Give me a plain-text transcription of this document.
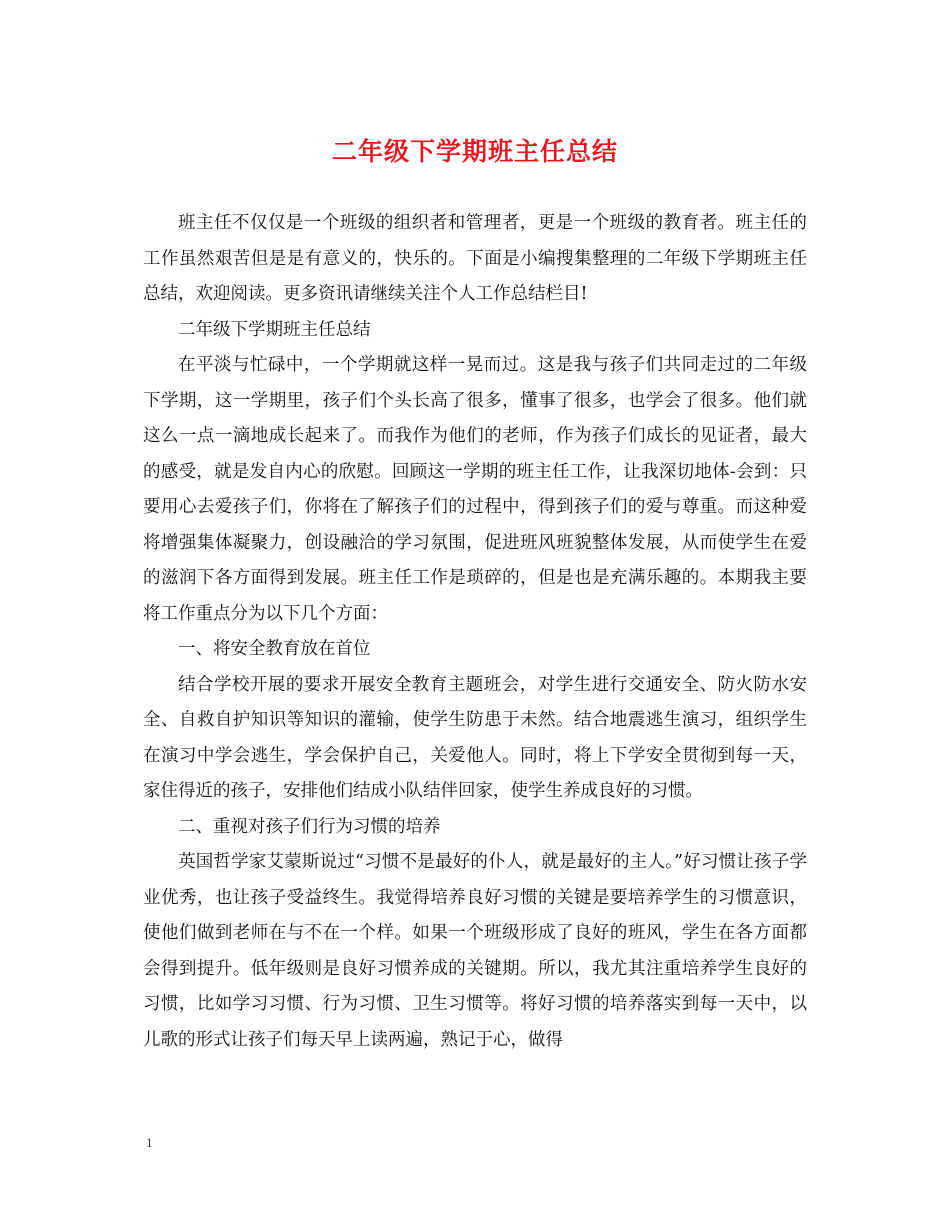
二年级下学期班主任总结

班主任不仅仅是一个班级的组织者和管理者，更是一个班级的教育者。班主任的工作虽然艰苦但是是有意义的，快乐的。下面是小编搜集整理的二年级下学期班主任总结，欢迎阅读。更多资讯请继续关注个人工作总结栏目!

二年级下学期班主任总结

在平淡与忙碌中，一个学期就这样一晃而过。这是我与孩子们共同走过的二年级下学期，这一学期里，孩子们个头长高了很多，懂事了很多，也学会了很多。他们就这么一点一滴地成长起来了。而我作为他们的老师，作为孩子们成长的见证者，最大的感受，就是发自内心的欣慰。回顾这一学期的班主任工作，让我深切地体-会到：只要用心去爱孩子们，你将在了解孩子们的过程中，得到孩子们的爱与尊重。而这种爱将增强集体凝聚力，创设融洽的学习氛围，促进班风班貌整体发展，从而使学生在爱的滋润下各方面得到发展。班主任工作是琐碎的，但是也是充满乐趣的。本期我主要将工作重点分为以下几个方面：

一、将安全教育放在首位

结合学校开展的要求开展安全教育主题班会，对学生进行交通安全、防火防水安全、自救自护知识等知识的灌输，使学生防患于未然。结合地震逃生演习，组织学生在演习中学会逃生，学会保护自己，关爱他人。同时，将上下学安全贯彻到每一天，家住得近的孩子，安排他们结成小队结伴回家，使学生养成良好的习惯。

二、重视对孩子们行为习惯的培养

英国哲学家艾蒙斯说过“习惯不是最好的仆人，就是最好的主人。”好习惯让孩子学业优秀，也让孩子受益终生。我觉得培养良好习惯的关键是要培养学生的习惯意识，使他们做到老师在与不在一个样。如果一个班级形成了良好的班风，学生在各方面都会得到提升。低年级则是良好习惯养成的关键期。所以，我尤其注重培养学生良好的习惯，比如学习习惯、行为习惯、卫生习惯等。将好习惯的培养落实到每一天中，以儿歌的形式让孩子们每天早上读两遍，熟记于心，做得

1
